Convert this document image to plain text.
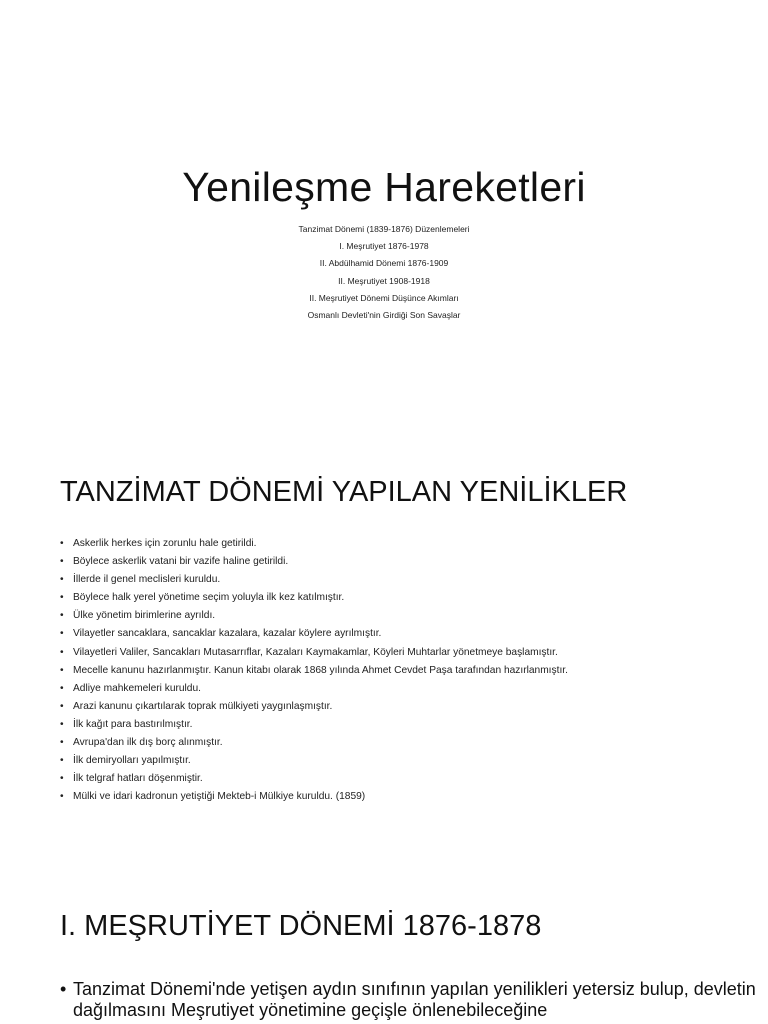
Yenileşme Hareketleri
Tanzimat Dönemi (1839-1876) Düzenlemeleri
I. Meşrutiyet 1876-1978
II. Abdülhamid Dönemi 1876-1909
II. Meşrutiyet 1908-1918
II. Meşrutiyet Dönemi Düşünce Akımları
Osmanlı Devleti'nin Girdiği Son Savaşlar
TANZİMAT DÖNEMİ YAPILAN YENİLİKLER
• Askerlik herkes için zorunlu hale getirildi.
• Böylece askerlik vatani bir vazife haline getirildi.
• İllerde il genel meclisleri kuruldu.
• Böylece halk yerel yönetime seçim yoluyla ilk kez katılmıştır.
• Ülke yönetim birimlerine ayrıldı.
• Vilayetler sancaklara, sancaklar kazalara, kazalar köylere ayrılmıştır.
• Vilayetleri Valiler, Sancakları Mutasarrıflar, Kazaları Kaymakamlar, Köyleri Muhtarlar yönetmeye başlamıştır.
• Mecelle kanunu hazırlanmıştır. Kanun kitabı olarak 1868 yılında Ahmet Cevdet Paşa tarafından hazırlanmıştır.
• Adliye mahkemeleri kuruldu.
• Arazi kanunu çıkartılarak toprak mülkiyeti yaygınlaşmıştır.
• İlk kağıt para bastırılmıştır.
• Avrupa'dan ilk dış borç alınmıştır.
• İlk demiryolları yapılmıştır.
• İlk telgraf hatları döşenmiştir.
• Mülki ve idari kadronun yetiştiği Mekteb-i Mülkiye kuruldu. (1859)
I. MEŞRUTİYET DÖNEMİ 1876-1878
• Tanzimat Dönemi'nde yetişen aydın sınıfının yapılan yenilikleri yetersiz bulup, devletin dağılmasını Meşrutiyet yönetimine geçişle önlenebileceğine
